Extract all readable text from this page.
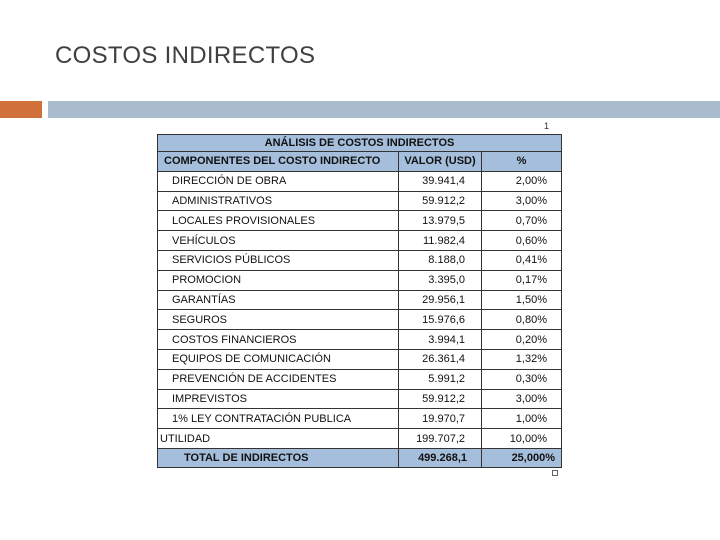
COSTOS INDIRECTOS
1
ANÁLISIS DE COSTOS INDIRECTOS		
COMPONENTES DEL COSTO INDIRECTO	VALOR (USD)	%
DIRECCIÓN DE OBRA	39.941,4	2,00%
ADMINISTRATIVOS	59.912,2	3,00%
LOCALES PROVISIONALES	13.979,5	0,70%
VEHÍCULOS	11.982,4	0,60%
SERVICIOS PÚBLICOS	8.188,0	0,41%
PROMOCION	3.395,0	0,17%
GARANTÍAS	29.956,1	1,50%
SEGUROS	15.976,6	0,80%
COSTOS FINANCIEROS	3.994,1	0,20%
EQUIPOS DE COMUNICACIÓN	26.361,4	1,32%
PREVENCIÓN DE ACCIDENTES	5.991,2	0,30%
IMPREVISTOS	59.912,2	3,00%
1% LEY CONTRATACIÓN PUBLICA	19.970,7	1,00%
UTILIDAD	199.707,2	10,00%
TOTAL DE INDIRECTOS	499.268,1	25,000%
